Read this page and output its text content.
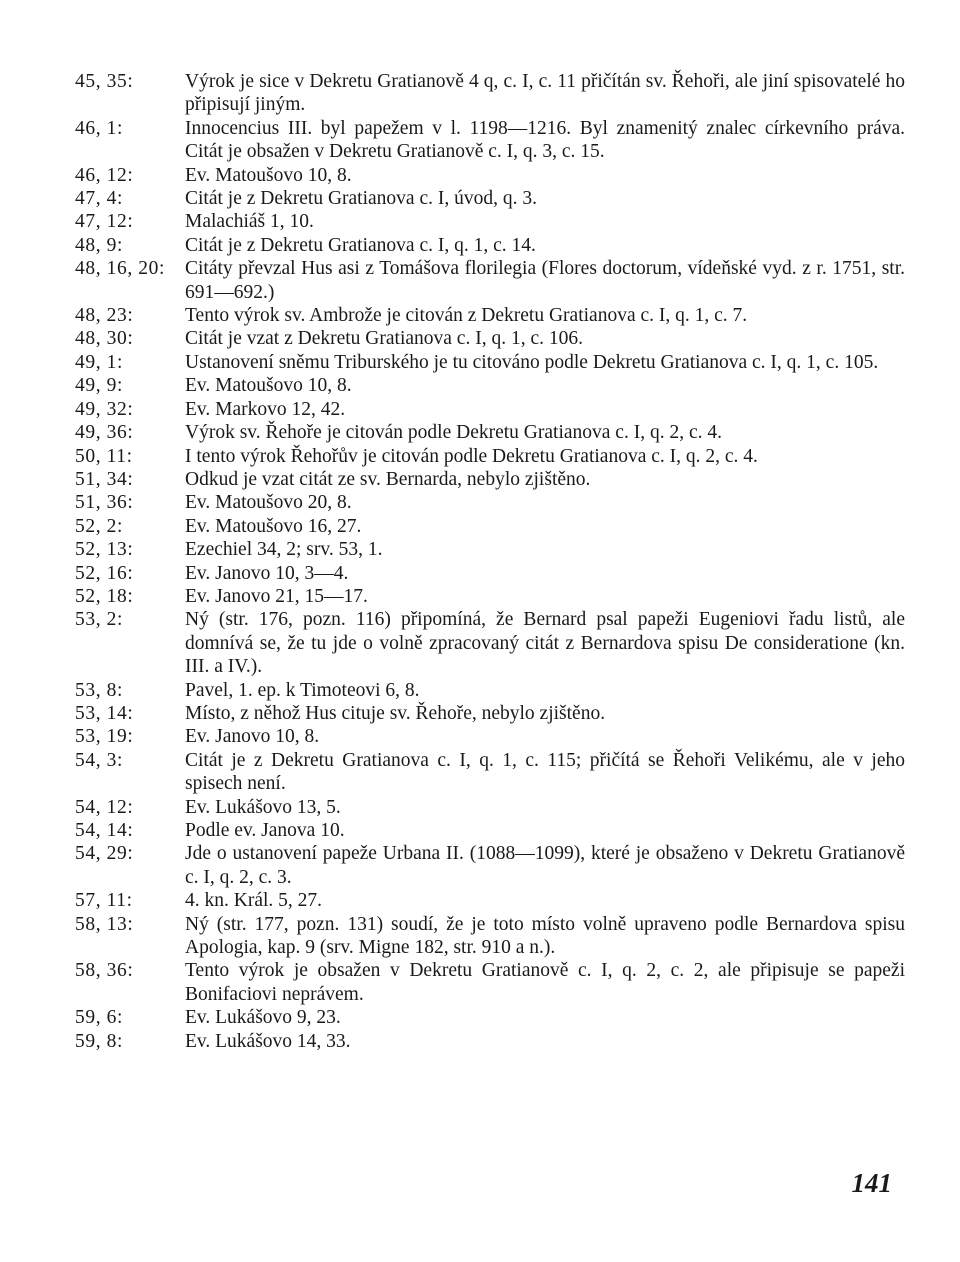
45, 35:	Výrok je sice v Dekretu Gratianově 4 q, c. I, c. 11 přičítán sv. Řehoři, ale jiní spisovatelé ho připisují jiným.
46, 1:	Innocencius III. byl papežem v l. 1198—1216. Byl znamenitý znalec církevního práva. Citát je obsažen v Dekretu Gratianově c. I, q. 3, c. 15.
46, 12:	Ev. Matoušovo 10, 8.
47, 4:	Citát je z Dekretu Gratianova c. I, úvod, q. 3.
47, 12:	Malachiáš 1, 10.
48, 9:	Citát je z Dekretu Gratianova c. I, q. 1, c. 14.
48, 16, 20:	Citáty převzal Hus asi z Tomášova florilegia (Flores doctorum, vídeňské vyd. z r. 1751, str. 691—692.)
48, 23:	Tento výrok sv. Ambrože je citován z Dekretu Gratianova c. I, q. 1, c. 7.
48, 30:	Citát je vzat z Dekretu Gratianova c. I, q. 1, c. 106.
49, 1:	Ustanovení sněmu Triburského je tu citováno podle Dekretu Gratianova c. I, q. 1, c. 105.
49, 9:	Ev. Matoušovo 10, 8.
49, 32:	Ev. Markovo 12, 42.
49, 36:	Výrok sv. Řehoře je citován podle Dekretu Gratianova c. I, q. 2, c. 4.
50, 11:	I tento výrok Řehořův je citován podle Dekretu Gratianova c. I, q. 2, c. 4.
51, 34:	Odkud je vzat citát ze sv. Bernarda, nebylo zjištěno.
51, 36:	Ev. Matoušovo 20, 8.
52, 2:	Ev. Matoušovo 16, 27.
52, 13:	Ezechiel 34, 2; srv. 53, 1.
52, 16:	Ev. Janovo 10, 3—4.
52, 18:	Ev. Janovo 21, 15—17.
53, 2:	Ný (str. 176, pozn. 116) připomíná, že Bernard psal papeži Eugeniovi řadu listů, ale domnívá se, že tu jde o volně zpracovaný citát z Bernardova spisu De consideratione (kn. III. a IV.).
53, 8:	Pavel, 1. ep. k Timoteovi 6, 8.
53, 14:	Místo, z něhož Hus cituje sv. Řehoře, nebylo zjištěno.
53, 19:	Ev. Janovo 10, 8.
54, 3:	Citát je z Dekretu Gratianova c. I, q. 1, c. 115; přičítá se Řehoři Velikému, ale v jeho spisech není.
54, 12:	Ev. Lukášovo 13, 5.
54, 14:	Podle ev. Janova 10.
54, 29:	Jde o ustanovení papeže Urbana II. (1088—1099), které je obsaženo v Dekretu Gratianově c. I, q. 2, c. 3.
57, 11:	4. kn. Král. 5, 27.
58, 13:	Ný (str. 177, pozn. 131) soudí, že je toto místo volně upraveno podle Bernardova spisu Apologia, kap. 9 (srv. Migne 182, str. 910 a n.).
58, 36:	Tento výrok je obsažen v Dekretu Gratianově c. I, q. 2, c. 2, ale připisuje se papeži Bonifaciovi neprávem.
59, 6:	Ev. Lukášovo 9, 23.
59, 8:	Ev. Lukášovo 14, 33.
141
